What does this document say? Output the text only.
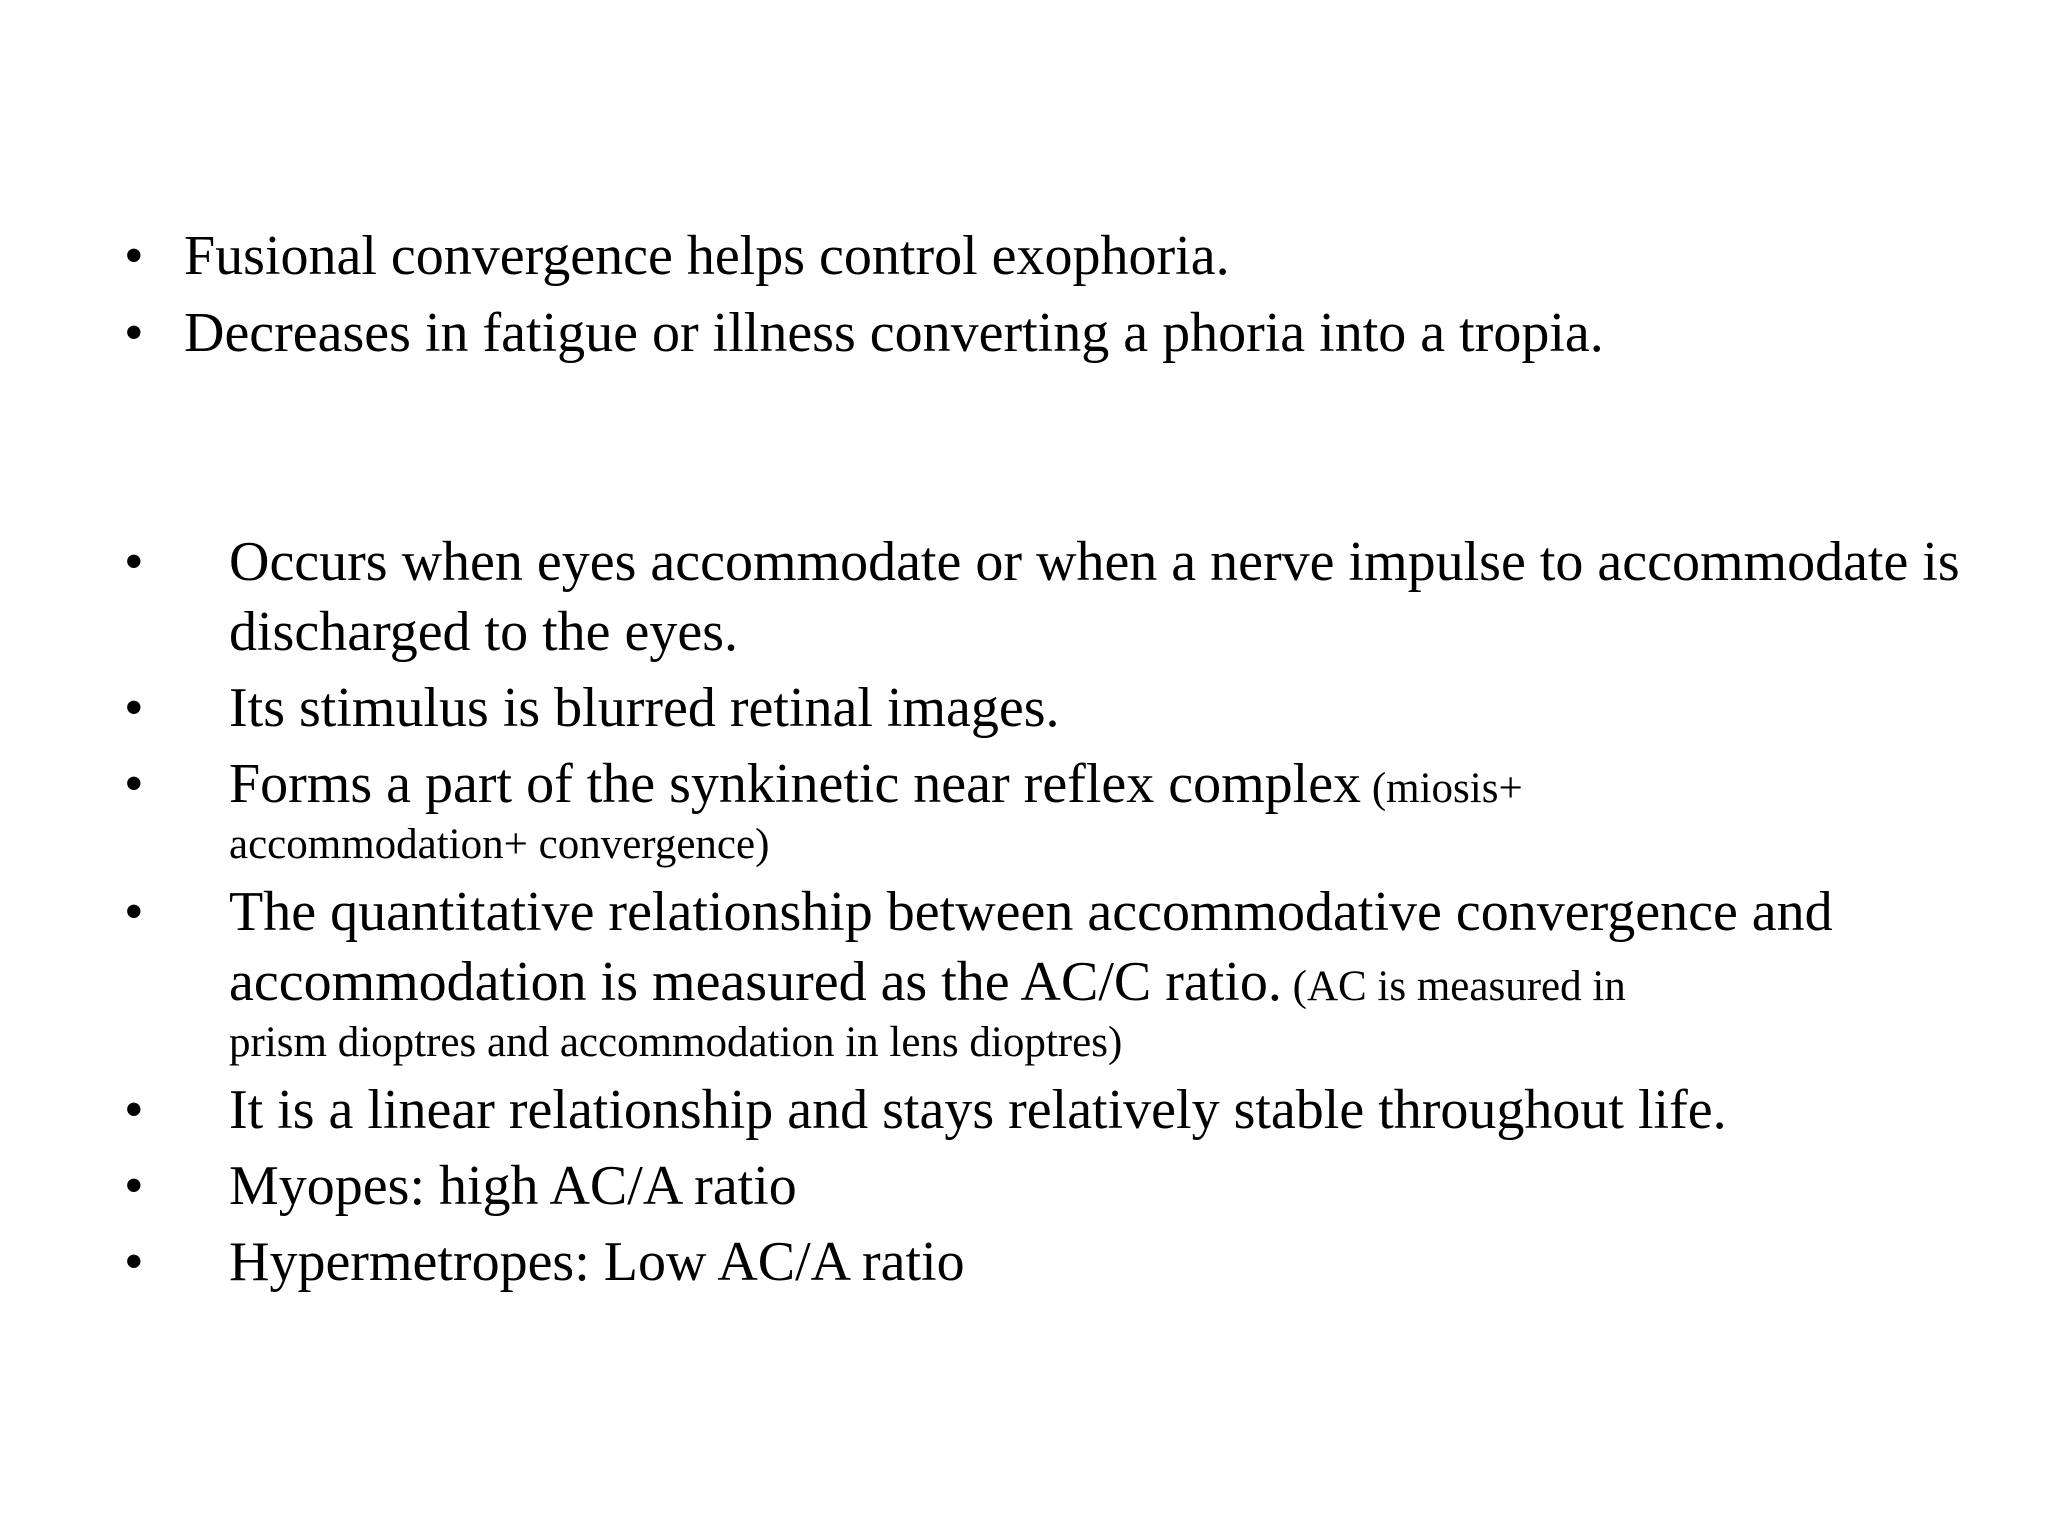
• Fusional convergence helps control exophoria.
• Decreases in fatigue or illness converting a phoria into a tropia.
• Occurs when eyes accommodate or when a nerve impulse to accommodate is discharged to the eyes.
• Its stimulus is blurred retinal images.
• Forms a part of the synkinetic near reflex complex (miosis+
accommodation+ convergence)
• The quantitative relationship between accommodative convergence and accommodation is measured as the AC/C ratio. (AC is measured in
prism dioptres and accommodation in lens dioptres)
• It is a linear relationship and stays relatively stable throughout life.
• Myopes: high AC/A ratio
• Hypermetropes: Low AC/A ratio
